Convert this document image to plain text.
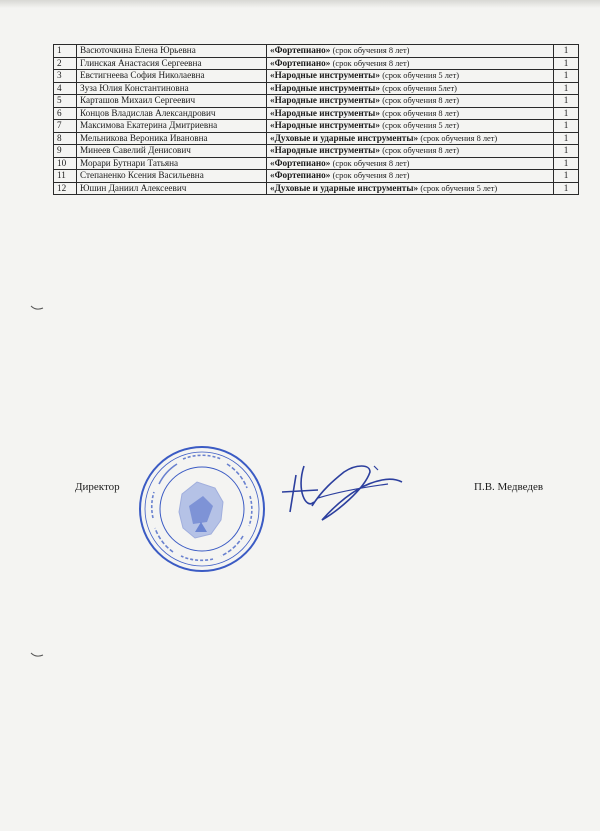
1	Васюточкина Елена Юрьевна	«Фортепиано» (срок обучения 8 лет)	1
2	Глинская Анастасия Сергеевна	«Фортепиано» (срок обучения 8 лет)	1
3	Евстигнеева София Николаевна	«Народные инструменты» (срок обучения 5 лет)	1
4	Зуза Юлия Константиновна	«Народные инструменты» (срок обучения 5лет)	1
5	Карташов Михаил Сергеевич	«Народные инструменты» (срок обучения 8 лет)	1
6	Концов Владислав Александрович	«Народные инструменты» (срок обучения 8 лет)	1
7	Максимова Екатерина Дмитриевна	«Народные инструменты» (срок обучения 5 лет)	1
8	Мельникова Вероника Ивановна	«Духовые и ударные инструменты» (срок обучения 8 лет)	1
9	Минеев Савелий Денисович	«Народные инструменты» (срок обучения 8 лет)	1
10	Морари Бутнари Татьяна	«Фортепиано» (срок обучения 8 лет)	1
11	Степаненко Ксения Васильевна	«Фортепиано» (срок обучения 8 лет)	1
12	Юшин Даниил Алексеевич	«Духовые и ударные инструменты» (срок обучения 5 лет)	1
Директор	П.В. Медведев
